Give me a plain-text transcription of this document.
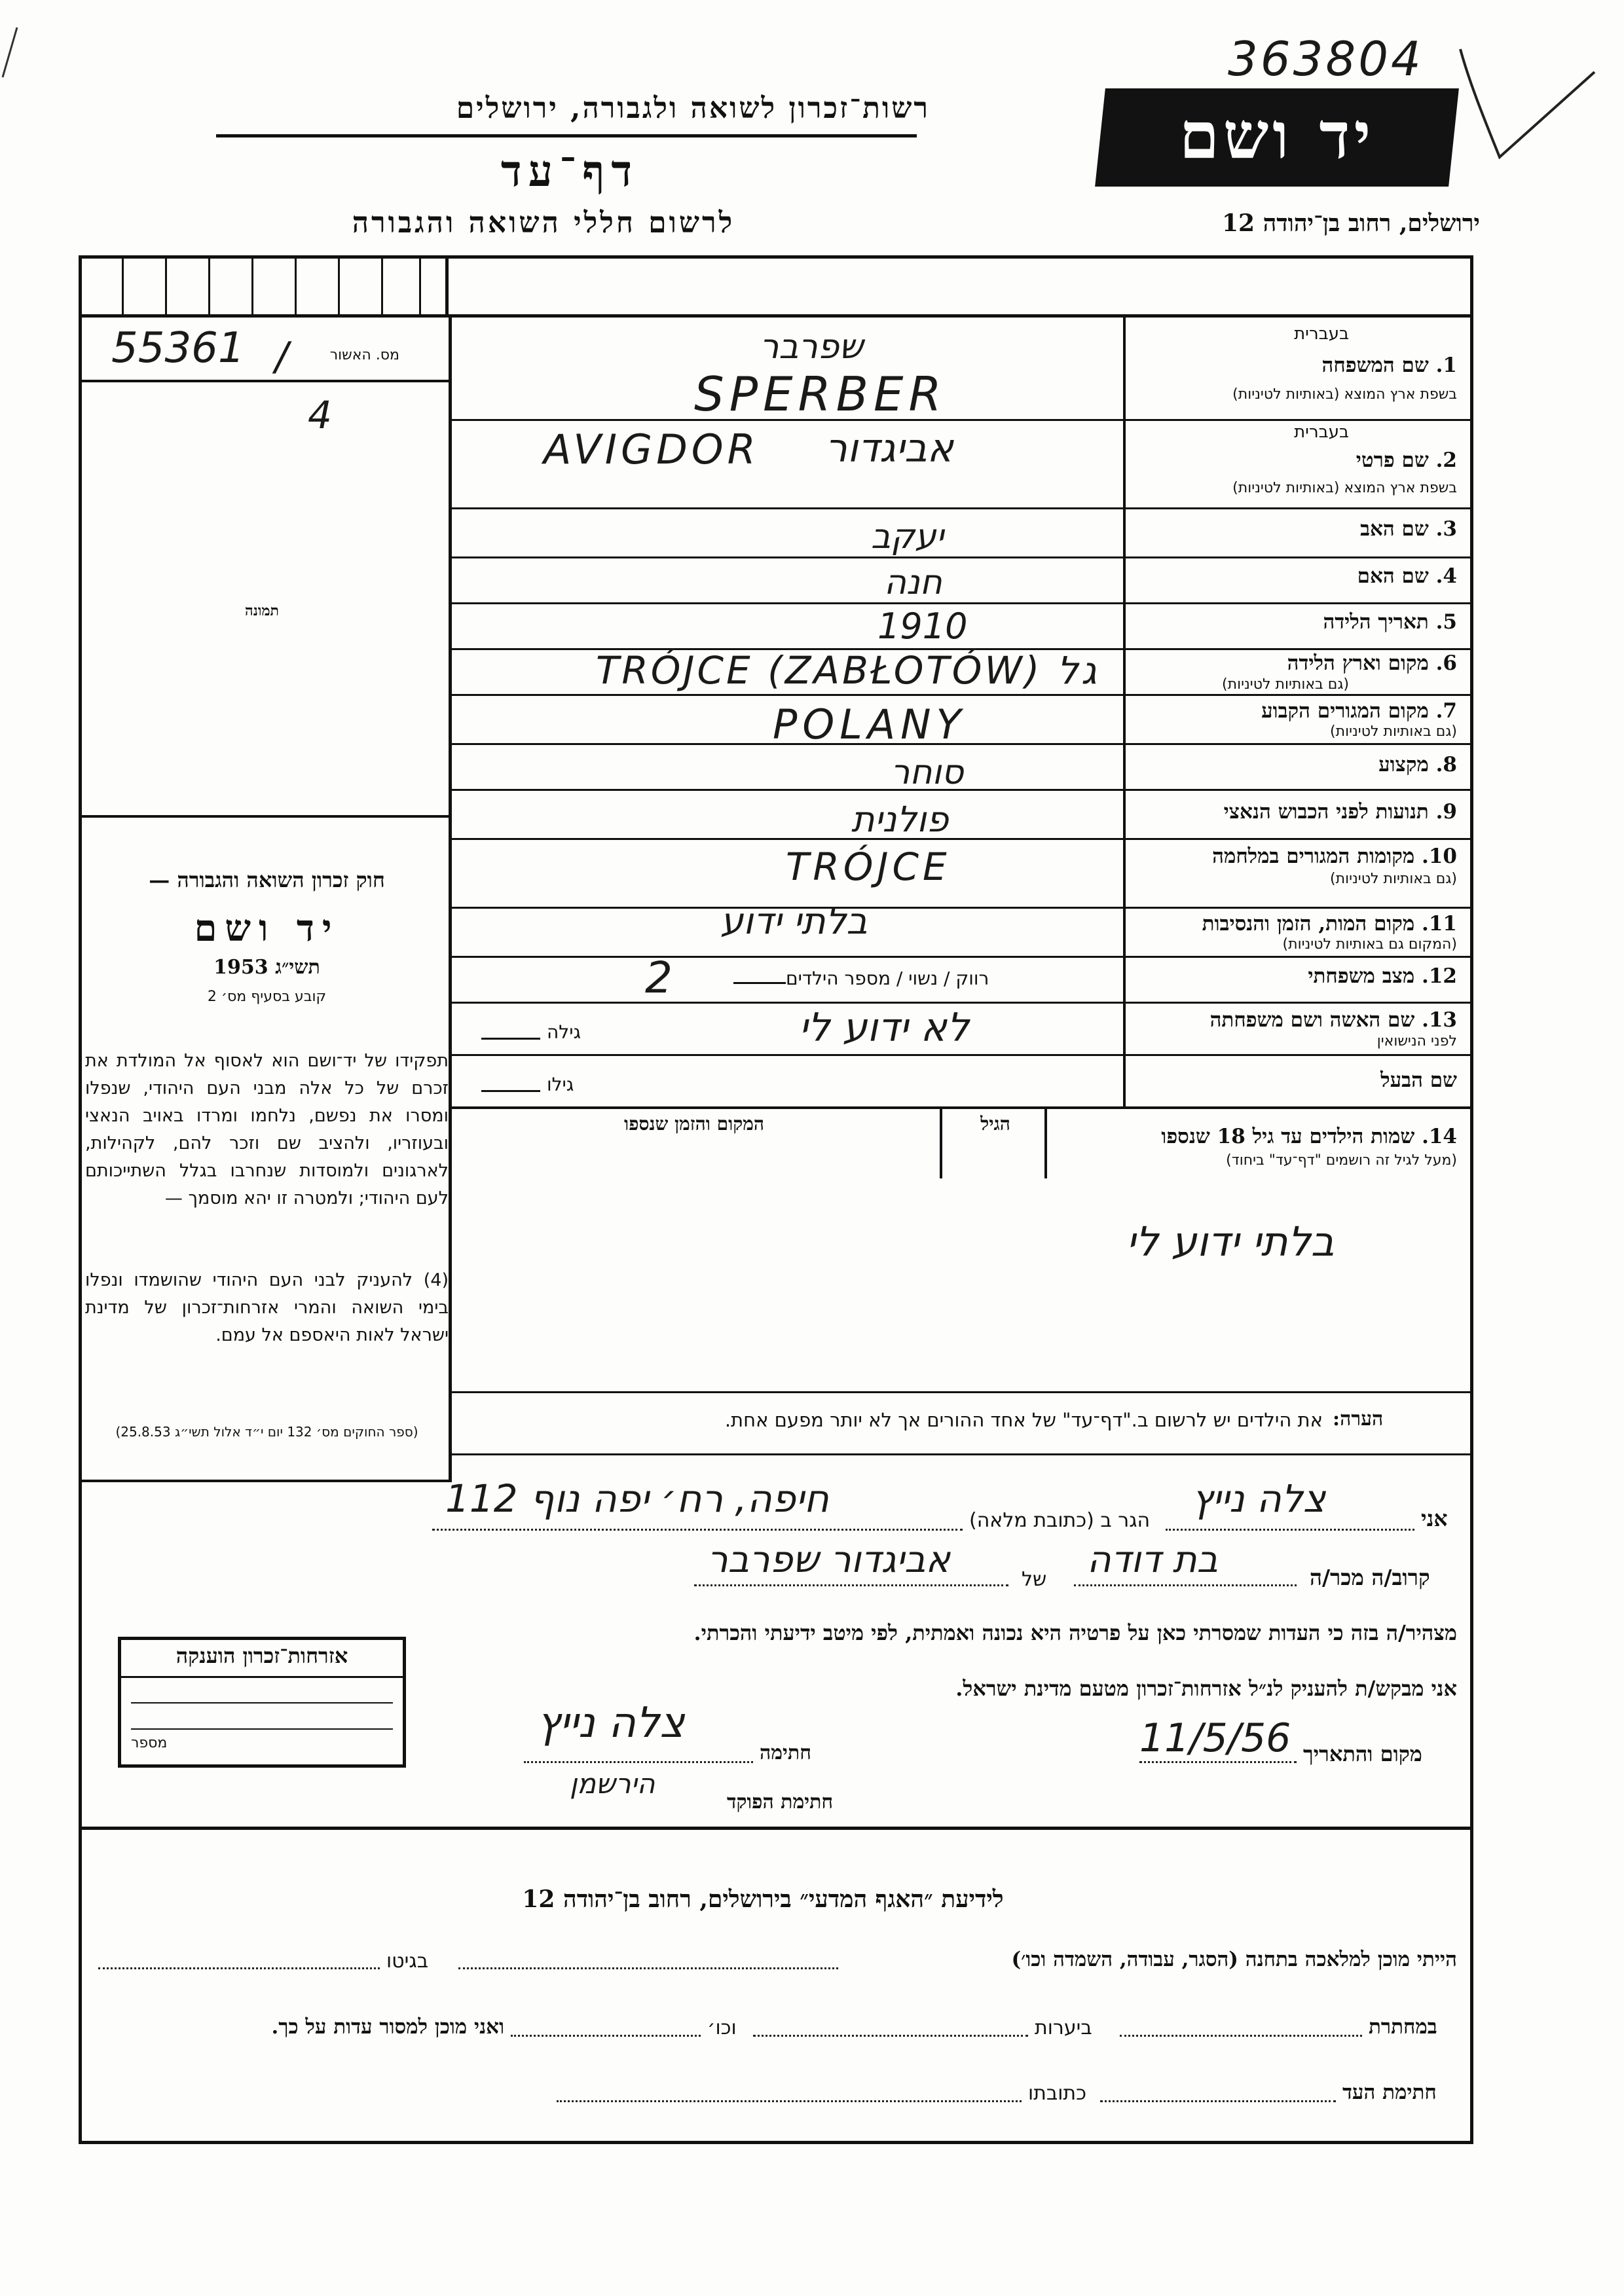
363804
יד ושם
ירושלים, רחוב בן־יהודה 12
רשות־זכרון לשואה ולגבורה, ירושלים
דף־עד
לרשום חללי השואה והגבורה
מס. האשור
55361 /
4
תמונה
חוק זכרון השואה והגבורה —
יד ושם
תשי״ג 1953
קובע בסעיף מס׳ 2
תפקידו של יד־ושם הוא לאסוף אל המולדת את זכרם של כל אלה מבני העם היהודי, שנפלו ומסרו את נפשם, נלחמו ומרדו באויב הנאצי ובעוזריו, ולהציב שם וזכר להם, לקהילות, לארגונים ולמוסדות שנחרבו בגלל השתייכותם לעם היהודי; ולמטרה זו יהא מוסמך —
(4) להעניק לבני העם היהודי שהושמדו ונפלו בימי השואה והמרי אזרחות־זכרון של מדינת ישראל לאות היאספם אל עמם.
(ספר החוקים מס׳ 132 יום י״ד אלול תשי״ג 25.8.53)
בעברית
1. שם המשפחה
בשפת ארץ המוצא (באותיות לטיניות)
בעברית
2. שם פרטי
בשפת ארץ המוצא (באותיות לטיניות)
3. שם האב
4. שם האם
5. תאריך הלידה
6. מקום וארץ הלידה
(גם באותיות לטיניות)
7. מקום המגורים הקבוע
(גם באותיות לטיניות)
8. מקצוע
9. תנועות לפני הכבוש הנאצי
10. מקומות המגורים במלחמה
(גם באותיות לטיניות)
11. מקום המות, הזמן והנסיבות
(המקום גם באותיות לטיניות)
12. מצב משפחתי
13. שם האשה ושם משפחתה
לפני הנישואין
שם הבעל
14. שמות הילדים עד גיל 18 שנספו
(מעל לגיל זה רושמים "דף־עד" ביחוד)
רווק / נשוי / מספר הילדים
גילה
גילו
הגיל
המקום והזמן שנספו
שפרבר
SPERBER
AVIGDOR אביגדור
יעקב
חנה
1910
TRÓJCE (ZABŁOTÓW) גל
POLANY
סוחר
פולנית
TRÓJCE
בלתי ידוע
2
לא ידוע לי
בלתי ידוע לי
הערה:
את הילדים יש לרשום ב."דף־עד" של אחד ההורים אך לא יותר מפעם אחת.
אני
צלה נייץ
הגר ב (כתובת מלאה)
חיפה, רח׳ יפה נוף 112
קרוב/ה מכר/ה
בת דודה
של
אביגדור שפרבר
מצהיר/ה בזה כי העדות שמסרתי כאן על פרטיה היא נכונה ואמתית, לפי מיטב ידיעתי והכרתי.
אני מבקש/ת להעניק לנ״ל אזרחות־זכרון מטעם מדינת ישראל.
מקום והתאריך
11/5/56
חתימה
צלה נייץ
חתימת הפוקד
הירשמן
אזרחות־זכרון הוענקה
מספר
לידיעת ״האגף המדעי״ בירושלים, רחוב בן־יהודה 12
הייתי מוכן למלאכה בתחנה (הסגר, עבודה, השמדה וכו׳)
בגיטו
במחתרת
ביערות
וכו׳
ואני מוכן למסור עדות על כך.
חתימת העד
כתובתו
